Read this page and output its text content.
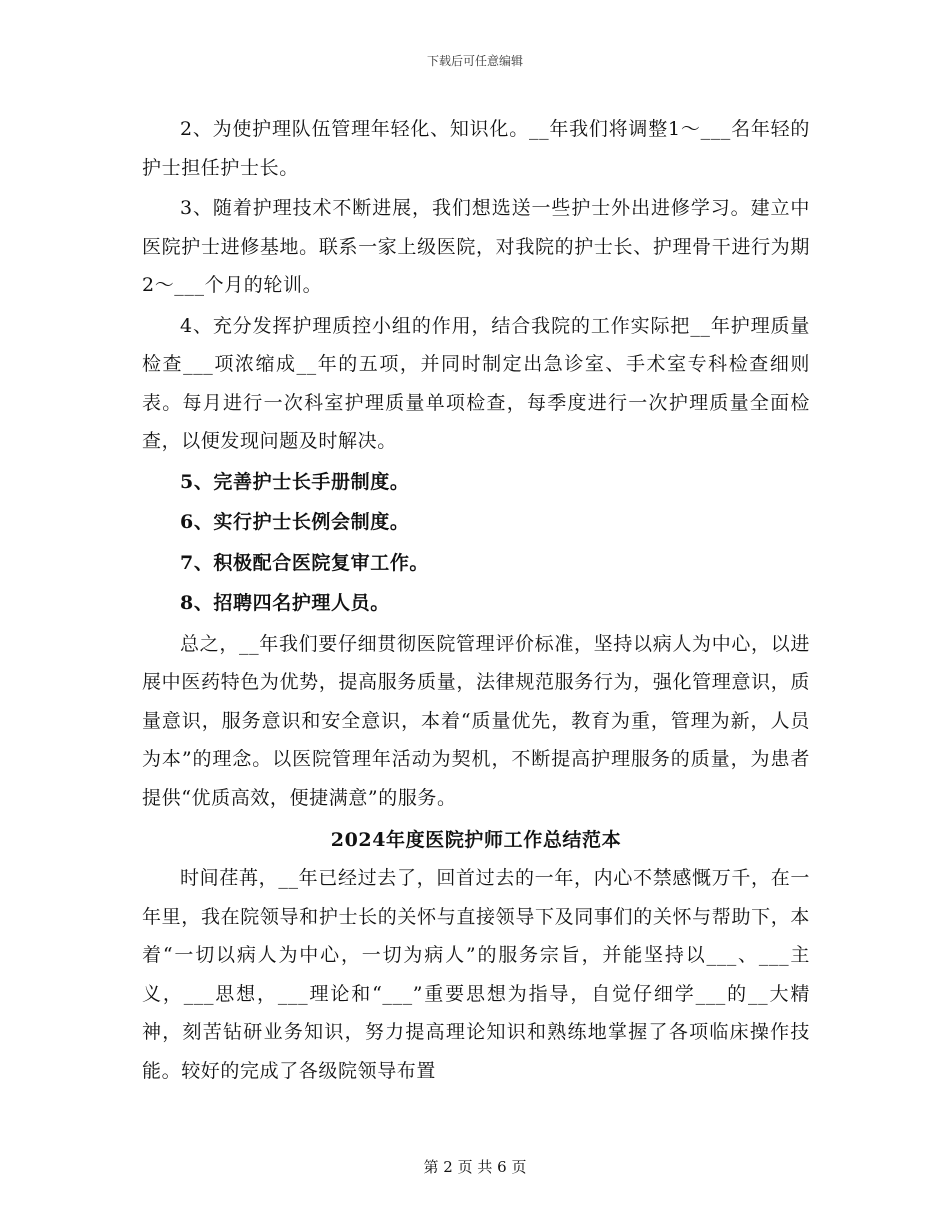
下载后可任意编辑

2、为使护理队伍管理年轻化、知识化。__年我们将调整1～___名年轻的护士担任护士长。

3、随着护理技术不断进展，我们想选送一些护士外出进修学习。建立中医院护士进修基地。联系一家上级医院，对我院的护士长、护理骨干进行为期2～___个月的轮训。

4、充分发挥护理质控小组的作用，结合我院的工作实际把__年护理质量检查___项浓缩成__年的五项，并同时制定出急诊室、手术室专科检查细则表。每月进行一次科室护理质量单项检查，每季度进行一次护理质量全面检查，以便发现问题及时解决。

5、完善护士长手册制度。

6、实行护士长例会制度。

7、积极配合医院复审工作。

8、招聘四名护理人员。

总之，__年我们要仔细贯彻医院管理评价标准，坚持以病人为中心，以进展中医药特色为优势，提高服务质量，法律规范服务行为，强化管理意识，质量意识，服务意识和安全意识，本着“质量优先，教育为重，管理为新，人员为本”的理念。以医院管理年活动为契机，不断提高护理服务的质量，为患者提供“优质高效，便捷满意”的服务。

2024年度医院护师工作总结范本

时间荏苒，__年已经过去了，回首过去的一年，内心不禁感慨万千，在一年里，我在院领导和护士长的关怀与直接领导下及同事们的关怀与帮助下，本着“一切以病人为中心，一切为病人”的服务宗旨，并能坚持以___、___主义，___思想，___理论和“___”重要思想为指导，自觉仔细学___的__大精神，刻苦钻研业务知识，努力提高理论知识和熟练地掌握了各项临床操作技能。较好的完成了各级院领导布置

第 2 页 共 6 页
